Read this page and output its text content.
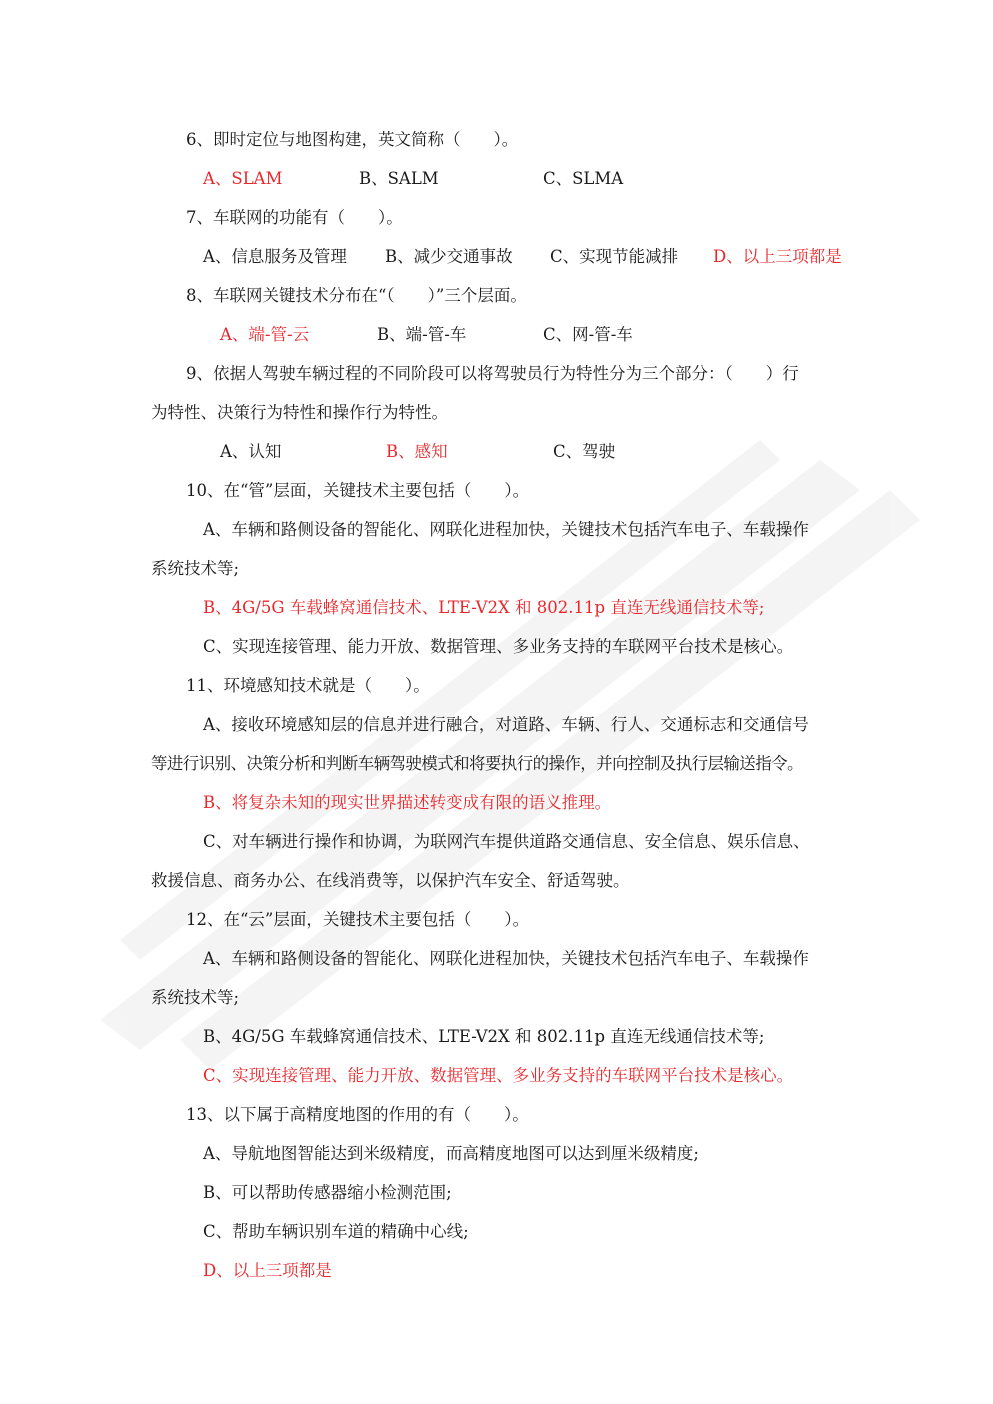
6、即时定位与地图构建，英文简称（　　）。
A、SLAM	B、SALM	C、SLMA
7、车联网的功能有（　　）。
A、信息服务及管理 B、减少交通事故 C、实现节能减排 D、以上三项都是
8、车联网关键技术分布在“（　　）”三个层面。
A、端-管-云	B、端-管-车	C、网-管-车
9、依据人驾驶车辆过程的不同阶段可以将驾驶员行为特性分为三个部分：（　　）行
为特性、决策行为特性和操作行为特性。
A、认知	B、感知	C、驾驶
10、在“管”层面，关键技术主要包括（　　）。
A、车辆和路侧设备的智能化、网联化进程加快，关键技术包括汽车电子、车载操作
系统技术等;
B、4G/5G 车载蜂窝通信技术、LTE-V2X 和 802.11p 直连无线通信技术等;
C、实现连接管理、能力开放、数据管理、多业务支持的车联网平台技术是核心。
11、环境感知技术就是（　　）。
A、接收环境感知层的信息并进行融合，对道路、车辆、行人、交通标志和交通信号
等进行识别、决策分析和判断车辆驾驶模式和将要执行的操作，并向控制及执行层输送指令。
B、将复杂未知的现实世界描述转变成有限的语义推理。
C、对车辆进行操作和协调，为联网汽车提供道路交通信息、安全信息、娱乐信息、
救援信息、商务办公、在线消费等，以保护汽车安全、舒适驾驶。
12、在“云”层面，关键技术主要包括（　　）。
A、车辆和路侧设备的智能化、网联化进程加快，关键技术包括汽车电子、车载操作
系统技术等;
B、4G/5G 车载蜂窝通信技术、LTE-V2X 和 802.11p 直连无线通信技术等;
C、实现连接管理、能力开放、数据管理、多业务支持的车联网平台技术是核心。
13、以下属于高精度地图的作用的有（　　）。
A、导航地图智能达到米级精度，而高精度地图可以达到厘米级精度;
B、可以帮助传感器缩小检测范围;
C、帮助车辆识别车道的精确中心线;
D、以上三项都是
